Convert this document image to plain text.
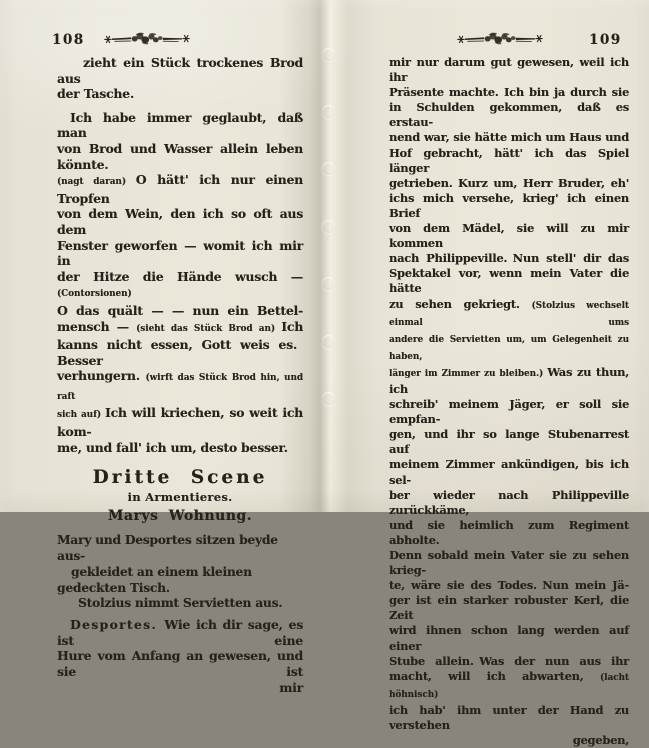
108	109
zieht ein Stück trockenes Brod aus
der Tasche.
Ich habe immer geglaubt, daß man
von Brod und Wasser allein leben könnte.
(nagt daran) O hätt' ich nur einen Tropfen
von dem Wein, den ich so oft aus dem
Fenster geworfen — womit ich mir in
der Hitze die Hände wusch — (Contorsionen)
O das quält — — nun ein Bettel-
mensch — (sieht das Stück Brod an) Ich
kanns nicht essen, Gott weis es. Besser
verhungern. (wirft das Stück Brod hin, und raft
sich auf) Ich will kriechen, so weit ich kom-
me, und fall' ich um, desto besser.
Dritte Scene
in Armentieres.
Marys Wohnung.
Mary und Desportes sitzen beyde aus-
gekleidet an einem kleinen gedeckten Tisch.
Stolzius nimmt Servietten aus.
Desportes. Wie ich dir sage, es ist eine
Hure vom Anfang an gewesen, und sie ist
mir
mir nur darum gut gewesen, weil ich ihr
Präsente machte. Ich bin ja durch sie
in Schulden gekommen, daß es erstau-
nend war, sie hätte mich um Haus und
Hof gebracht, hätt' ich das Spiel länger
getrieben. Kurz um, Herr Bruder, eh'
ichs mich versehe, krieg' ich einen Brief
von dem Mädel, sie will zu mir kommen
nach Philippeville. Nun stell' dir das
Spektakel vor, wenn mein Vater die hätte
zu sehen gekriegt. (Stolzius wechselt einmal ums
andere die Servietten um, um Gelegenheit zu haben,
länger im Zimmer zu bleiben.) Was zu thun, ich
schreib' meinem Jäger, er soll sie empfan-
gen, und ihr so lange Stubenarrest auf
meinem Zimmer ankündigen, bis ich sel-
ber wieder nach Philippeville zurückkäme,
und sie heimlich zum Regiment abholte.
Denn sobald mein Vater sie zu sehen krieg-
te, wäre sie des Todes. Nun mein Jä-
ger ist ein starker robuster Kerl, die Zeit
wird ihnen schon lang werden auf einer
Stube allein. Was der nun aus ihr
macht, will ich abwarten, (lacht höhnisch)
ich hab' ihm unter der Hand zu verstehen
gegeben,
